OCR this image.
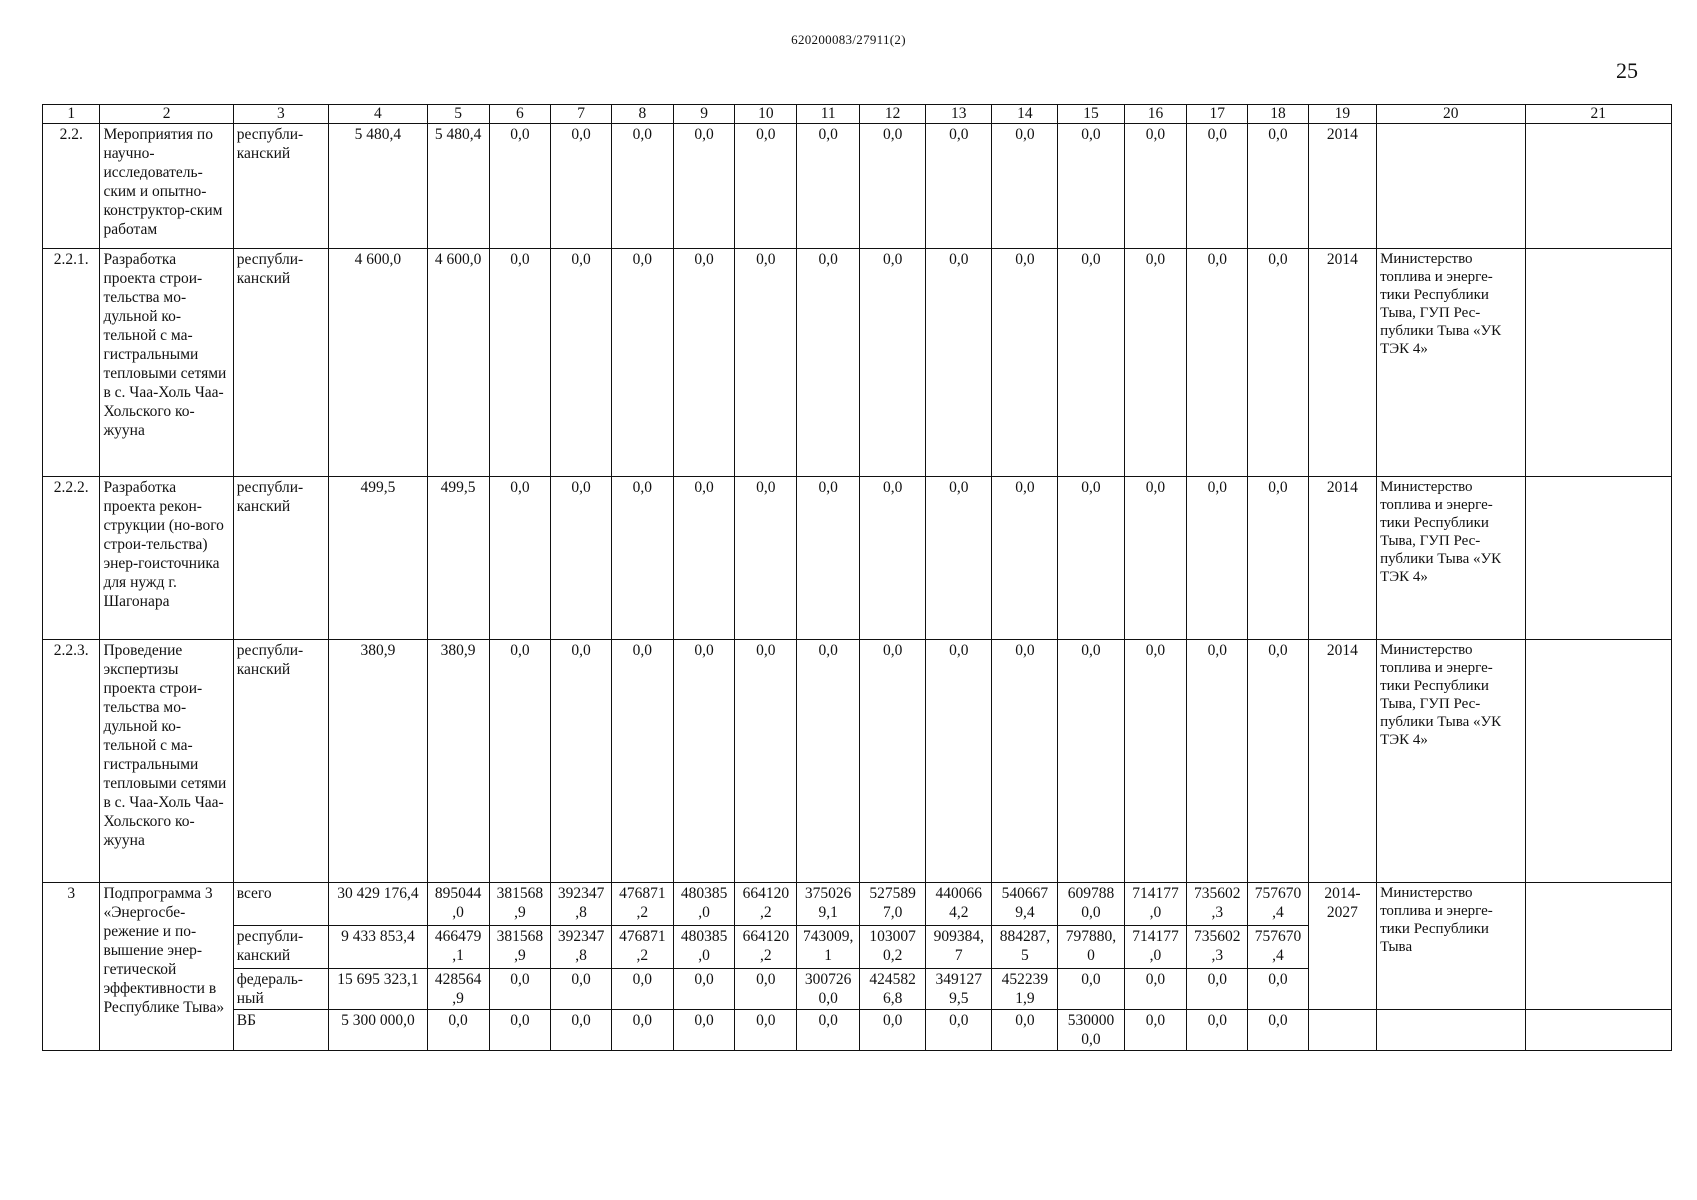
620200083/27911(2)
25
1	2	3	4	5	6	7	8	9	10	11	12	13	14	15	16	17	18	19	20	21
2.2.	Мероприятия по научно-исследователь-ским и опытно-конструктор-ским работам	республи-канский	5 480,4	5 480,4	0,0	0,0	0,0	0,0	0,0	0,0	0,0	0,0	0,0	0,0	0,0	0,0	0,0	2014		
2.2.1.	Разработка проекта строи-тельства мо-дульной ко-тельной с ма-гистральными тепловыми сетями в с. Чаа-Холь Чаа-Хольского ко-жууна	республи-канский	4 600,0	4 600,0	0,0	0,0	0,0	0,0	0,0	0,0	0,0	0,0	0,0	0,0	0,0	0,0	0,0	2014	Министерство топлива и энерге-тики Республики Тыва, ГУП Рес-публики Тыва «УК ТЭК 4»	
2.2.2.	Разработка проекта рекон-струкции (но-вого строи-тельства) энер-гоисточника для нужд г. Шагонара	республи-канский	499,5	499,5	0,0	0,0	0,0	0,0	0,0	0,0	0,0	0,0	0,0	0,0	0,0	0,0	0,0	2014	Министерство топлива и энерге-тики Республики Тыва, ГУП Рес-публики Тыва «УК ТЭК 4»	
2.2.3.	Проведение экспертизы проекта строи-тельства мо-дульной ко-тельной с ма-гистральными тепловыми сетями в с. Чаа-Холь Чаа-Хольского ко-жууна	республи-канский	380,9	380,9	0,0	0,0	0,0	0,0	0,0	0,0	0,0	0,0	0,0	0,0	0,0	0,0	0,0	2014	Министерство топлива и энерге-тики Республики Тыва, ГУП Рес-публики Тыва «УК ТЭК 4»	
3	Подпрограмма 3 «Энергосбе-режение и по-вышение энер-гетической эффективности в Республике Тыва»	всего	30 429 176,4	895044 ,0	381568 ,9	392347 ,8	476871 ,2	480385 ,0	664120 ,2	375026 9,1	527589 7,0	440066 4,2	540667 9,4	609788 0,0	714177 ,0	735602 ,3	757670 ,4	2014-2027	Министерство топлива и энерге-тики Республики Тыва	
		республи-канский	9 433 853,4	466479 ,1	381568 ,9	392347 ,8	476871 ,2	480385 ,0	664120 ,2	743009, 1	103007 0,2	909384, 7	884287, 5	797880, 0	714177 ,0	735602 ,3	757670 ,4			
		федераль-ный	15 695 323,1	428564 ,9	0,0	0,0	0,0	0,0	0,0	300726 0,0	424582 6,8	349127 9,5	452239 1,9	0,0	0,0	0,0	0,0			
		ВБ	5 300 000,0	0,0	0,0	0,0	0,0	0,0	0,0	0,0	0,0	0,0	0,0	530000 0,0	0,0	0,0	0,0			
